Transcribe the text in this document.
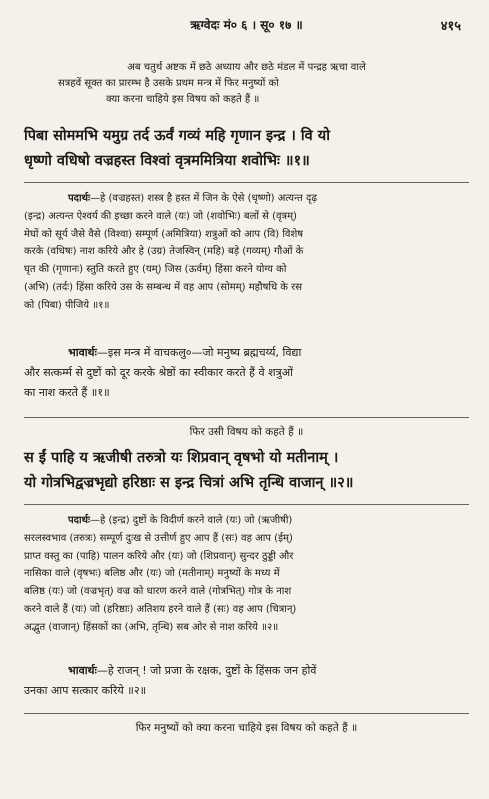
ऋग्वेदः मं० ६ । सू० १७ ॥	४१५

अब चतुर्थ अष्टक में छठे अध्याय और छठे मंडल में पन्द्रह ऋचा वाले

सत्रहवें सूक्त का प्रारम्भ है उसके प्रथम मन्त्र में फिर मनुष्यों को

क्या करना चाहिये इस विषय को कहते हैं ॥

पिबा सोममभि यमुग्र तर्द ऊर्वं गव्यं महि गृणान इन्द्र । वि यो

धृष्णो वधिषो वज्रहस्त विश्वां वृत्रममित्रिया शवोभिः ॥१॥

पदार्थः—हे (वज्रहस्त) शस्त्र है हस्त में जिन के ऐसे (धृष्णो) अत्यन्त दृढ़

(इन्द्र) अत्यन्त ऐश्वर्य की इच्छा करने वाले (यः) जो (शवोभिः) बलों से (वृत्रम्)

मेघों को सूर्य जैसे वैसे (विश्वा) सम्पूर्ण (अमित्रिया) शत्रुओं को आप (वि) विशेष

करके (वधिषः) नाश करिये और हे (उग्र) तेजस्विन् (महि) बड़े (गव्यम्) गौओं के

घृत की (गृणानः) स्तुति करते हुए (यम्) जिस (ऊर्वम्) हिंसा करने योग्य को

(अभि) (तर्दः) हिंसा करिये उस के सम्बन्ध में वह आप (सोमम्) महौषधि के रस

को (पिबा) पीजिये ॥१॥

भावार्थः—इस मन्त्र में वाचकलु०—जो मनुष्य ब्रह्मचर्य्य, विद्या

और सत्कर्म्म से दुष्टों को दूर करके श्रेष्ठों का स्वीकार करते हैं वे शत्रुओं

का नाश करते हैं ॥१॥

फिर उसी विषय को कहते हैं ॥

स ईं पाहि य ऋजीषी तरुत्रो यः शिप्रवान् वृषभो यो मतीनाम् ।

यो गोत्रभिद्वज्रभृद्यो हरिष्ठाः स इन्द्र चित्रां अभि तृन्धि वाजान् ॥२॥

पदार्थः—हे (इन्द्र) दुष्टों के विदीर्ण करने वाले (यः) जो (ऋजीषी)

सरलस्वभाव (तरुत्रः) सम्पूर्ण दुःख से उत्तीर्ण हुए आप हैं (सः) वह आप (ईम्)

प्राप्त वस्तु का (पाहि) पालन करिये और (यः) जो (शिप्रवान्) सुन्दर ठुड्डी और

नासिका वाले (वृषभः) बलिष्ठ और (यः) जो (मतीनाम्) मनुष्यों के मध्य में

बलिष्ठ (यः) जो (वज्रभृत्) वज्र को धारण करने वाले (गोत्रभित्) गोत्र के नाश

करने वाले हैं (यः) जो (हरिष्ठाः) अतिशय हरने वाले हैं (सः) वह आप (चित्रान्)

अद्भुत (वाजान्) हिंसकों का (अभि, तृन्धि) सब ओर से नाश करिये ॥२॥

भावार्थः—हे राजन् ! जो प्रजा के रक्षक, दुष्टों के हिंसक जन होवें

उनका आप सत्कार करिये ॥२॥

फिर मनुष्यों को क्या करना चाहिये इस विषय को कहते हैं ॥
